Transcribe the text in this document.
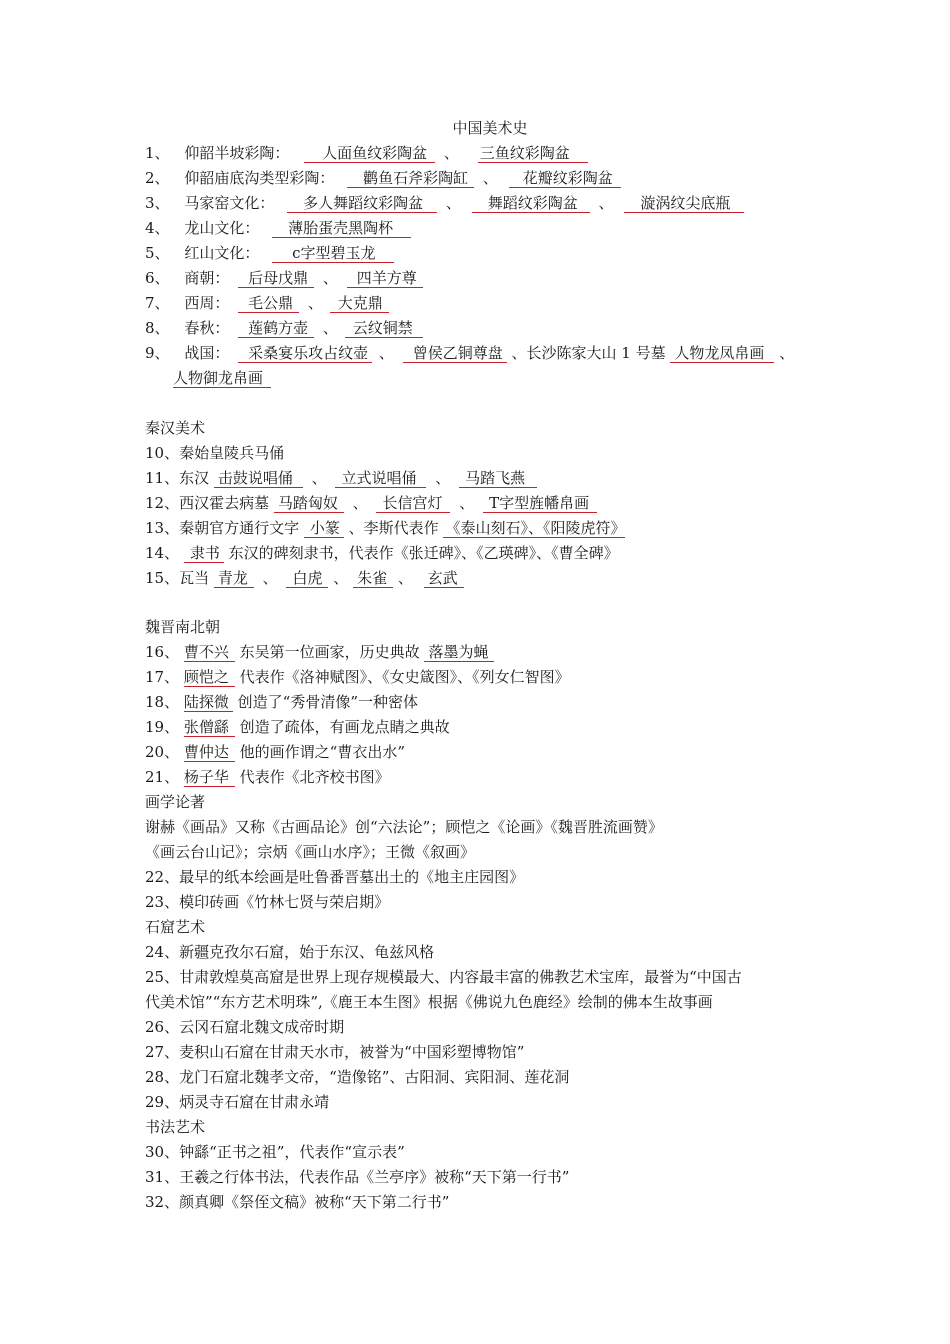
中国美术史
1、 仰韶半坡彩陶： 人面鱼纹彩陶盆 、 三鱼纹彩陶盆
2、 仰韶庙底沟类型彩陶： 鹳鱼石斧彩陶缸 、 花瓣纹彩陶盆
3、 马家窑文化： 多人舞蹈纹彩陶盆 、 舞蹈纹彩陶盆 、 漩涡纹尖底瓶
4、 龙山文化： 薄胎蛋壳黑陶杯
5、 红山文化： c字型碧玉龙
6、 商朝： 后母戊鼎 、 四羊方尊
7、 西周： 毛公鼎 、 大克鼎
8、 春秋： 莲鹤方壶 、 云纹铜禁
9、 战国： 采桑宴乐攻占纹壶 、 曾侯乙铜尊盘 、长沙陈家大山 1 号墓 人物龙凤帛画 、
人物御龙帛画
秦汉美术
10、秦始皇陵兵马俑
11、东汉 击鼓说唱俑 、 立式说唱俑 、 马踏飞燕
12、西汉霍去病墓 马踏匈奴 、 长信宫灯 、 T字型旌幡帛画
13、秦朝官方通行文字 小篆 、李斯代表作 《泰山刻石》、《阳陵虎符》
14、 隶书 东汉的碑刻隶书，代表作《张迁碑》、《乙瑛碑》、《曹全碑》
15、瓦当 青龙 、 白虎 、 朱雀 、 玄武
魏晋南北朝
16、 曹不兴 东吴第一位画家，历史典故 落墨为蝇
17、 顾恺之 代表作《洛神赋图》、《女史箴图》、《列女仁智图》
18、 陆探微 创造了“秀骨清像”一种密体
19、 张僧繇 创造了疏体，有画龙点睛之典故
20、 曹仲达 他的画作谓之“曹衣出水”
21、 杨子华 代表作《北齐校书图》
画学论著
谢赫《画品》又称《古画品论》创“六法论”；顾恺之《论画》《魏晋胜流画赞》
《画云台山记》；宗炳《画山水序》；王微《叙画》
22、最早的纸本绘画是吐鲁番晋墓出土的《地主庄园图》
23、模印砖画《竹林七贤与荣启期》
石窟艺术
24、新疆克孜尔石窟，始于东汉、龟兹风格
25、甘肃敦煌莫高窟是世界上现存规模最大、内容最丰富的佛教艺术宝库，最誉为“中国古
代美术馆”“东方艺术明珠”,《鹿王本生图》根据《佛说九色鹿经》绘制的佛本生故事画
26、云冈石窟北魏文成帝时期
27、麦积山石窟在甘肃天水市，被誉为“中国彩塑博物馆”
28、龙门石窟北魏孝文帝，“造像铭”、古阳洞、宾阳洞、莲花洞
29、炳灵寺石窟在甘肃永靖
书法艺术
30、钟繇“正书之祖”，代表作“宣示表”
31、王羲之行体书法，代表作品《兰亭序》被称“天下第一行书”
32、颜真卿《祭侄文稿》被称“天下第二行书”
